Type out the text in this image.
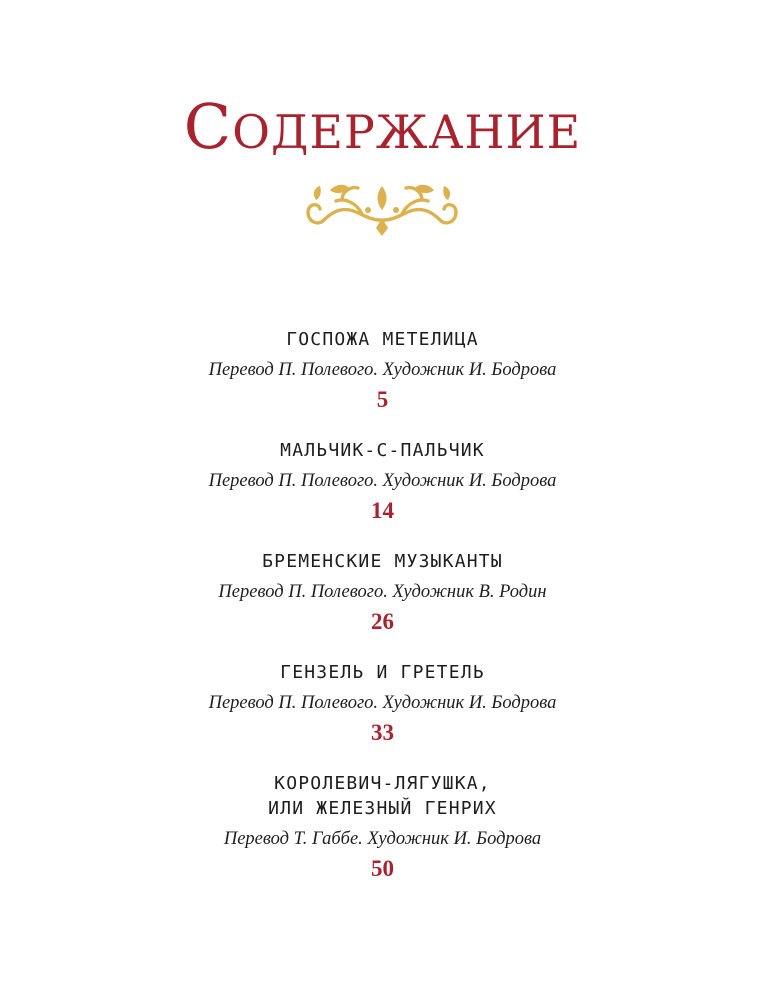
СОДЕРЖАНИЕ
ГОСПОЖА МЕТЕЛИЦА
Перевод П. Полевого. Художник И. Бодрова
5
МАЛЬЧИК-С-ПАЛЬЧИК
Перевод П. Полевого. Художник И. Бодрова
14
БРЕМЕНСКИЕ МУЗЫКАНТЫ
Перевод П. Полевого. Художник В. Родин
26
ГЕНЗЕЛЬ И ГРЕТЕЛЬ
Перевод П. Полевого. Художник И. Бодрова
33
КОРОЛЕВИЧ-ЛЯГУШКА,
ИЛИ ЖЕЛЕЗНЫЙ ГЕНРИХ
Перевод Т. Габбе. Художник И. Бодрова
50
